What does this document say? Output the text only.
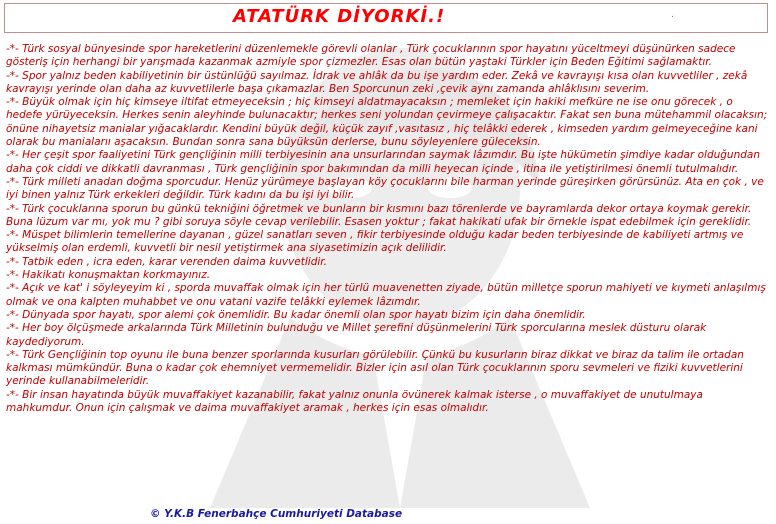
ATATÜRK DİYORKİ.!	.

-*- Türk sosyal bünyesinde spor hareketlerini düzenlemekle görevli olanlar , Türk çocuklarının spor hayatını yüceltmeyi düşünürken sadece gösteriş için herhangi bir yarışmada kazanmak azmiyle spor çizmezler. Esas olan bütün yaştaki Türkler için Beden Eğitimi sağlamaktır.

-*- Spor yalnız beden kabiliyetinin bir üstünlüğü sayılmaz. İdrak ve ahlâk da bu işe yardım eder. Zekâ ve kavrayışı kısa olan kuvvetliler , zekâ kavrayışı yerinde olan daha az kuvvetlilerle başa çıkamazlar. Ben Sporcunun zeki ,çevik aynı zamanda ahlâklısını severim.

-*- Büyük olmak için hiç kimseye iltifat etmeyeceksin ; hiç kimseyi aldatmayacaksın ; memleket için hakiki mefküre ne ise onu görecek , o hedefe yürüyeceksin. Herkes senin aleyhinde bulunacaktır; herkes seni yolundan çevirmeye çalışacaktır. Fakat sen buna mütehammil olacaksın; önüne nihayetsiz manialar yığacaklardır. Kendini büyük değil, küçük zayıf ,vasıtasız , hiç telâkki ederek , kimseden yardım gelmeyeceğine kani olarak bu manialarıı aşacaksın. Bundan sonra sana büyüksün derlerse, bunu söyleyenlere güleceksin.

-*- Her çeşit spor faaliyetini Türk gençliğinin milli terbiyesinin ana unsurlarından saymak lâzımdır. Bu işte hükümetin şimdiye kadar olduğundan daha çok ciddi ve dikkatli davranması , Türk gençliğinin spor bakımından da milli heyecan içinde , itina ile yetiştirilmesi önemli tutulmalıdır.

-*- Türk milleti anadan doğma sporcudur. Henüz yürümeye başlayan köy çocuklarını bile harman yerinde güreşirken görürsünüz. Ata en çok , ve iyi binen yalnız Türk erkekleri değildir. Türk kadını da bu işi iyi bilir.

-*- Türk çocuklarına sporun bu günkü tekniğini öğretmek ve bunların bir kısmını bazı törenlerde ve bayramlarda dekor ortaya koymak gerekir. Buna lüzum var mı, yok mu ? gibi soruya söyle cevap verilebilir. Esasen yoktur ; fakat hakikati ufak bir örnekle ispat edebilmek için gereklidir.

-*- Müspet bilimlerin temellerine dayanan , güzel sanatları seven , fikir terbiyesinde olduğu kadar beden terbiyesinde de kabiliyeti artmış ve yükselmiş olan erdemli, kuvvetli bir nesil yetiştirmek ana siyasetimizin açık delilidir.

-*- Tatbik eden , icra eden, karar verenden daima kuvvetlidir.

-*- Hakikatı konuşmaktan korkmayınız.

-*- Açık ve kat' i söyleyeyim ki , sporda muvaffak olmak için her türlü muavenetten ziyade, bütün milletçe sporun mahiyeti ve kıymeti anlaşılmış olmak ve ona kalpten muhabbet ve onu vatani vazife telâkki eylemek lâzımdır.

-*- Dünyada spor hayatı, spor alemi çok önemlidir. Bu kadar önemli olan spor hayatı bizim için daha önemlidir.

-*- Her boy ölçüşmede arkalarında Türk Milletinin bulunduğu ve Millet şerefini düşünmelerini Türk sporcularına meslek düsturu olarak kaydediyorum.

-*- Türk Gençliğinin top oyunu ile buna benzer sporlarında kusurları görülebilir. Çünkü bu kusurların biraz dikkat ve biraz da talim ile ortadan kalkması mümkündür. Buna o kadar çok ehemniyet vermemelidir. Bizler için asıl olan Türk çocuklarının sporu sevmeleri ve fiziki kuvvetlerini yerinde kullanabilmeleridir.

-*- Bir insan hayatında büyük muvaffakiyet kazanabilir, fakat yalnız onunla övünerek kalmak isterse , o muvaffakiyet de unutulmaya mahkumdur. Onun için çalışmak ve daima muvaffakiyet aramak , herkes için esas olmalıdır.

© Y.K.B Fenerbahçe Cumhuriyeti Database
